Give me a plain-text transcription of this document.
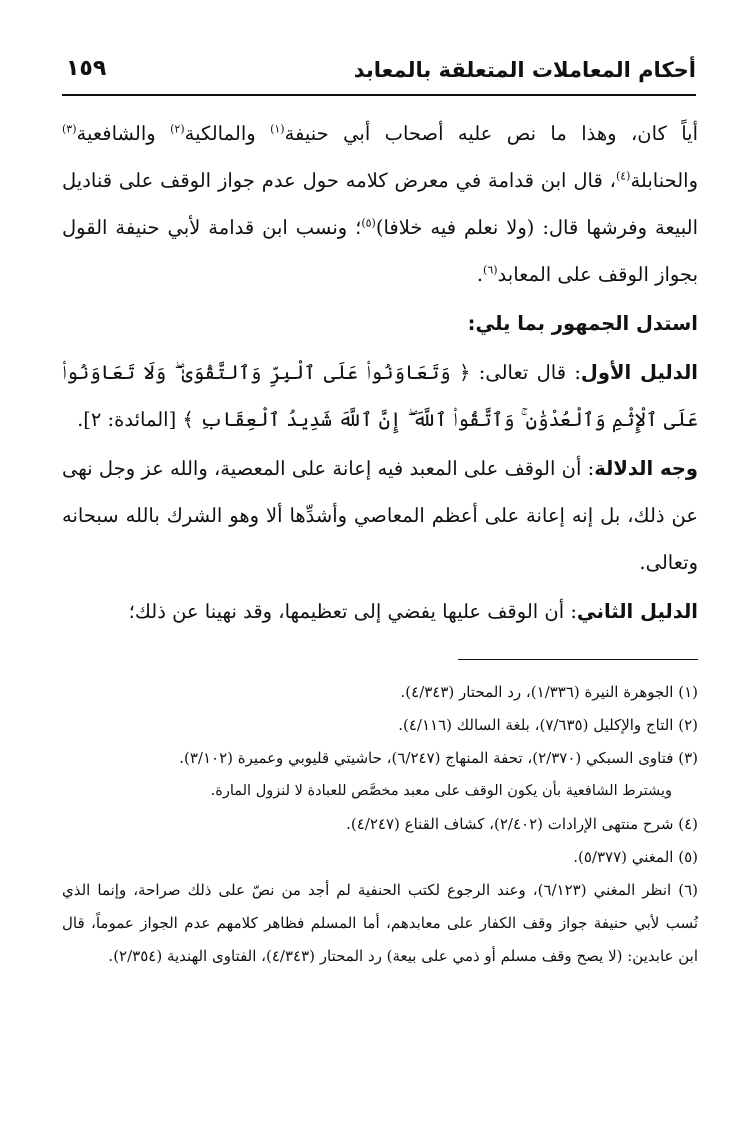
أحكام المعاملات المتعلقة بالمعابد
١٥٩

أياً كان، وهذا ما نص عليه أصحاب أبي حنيفة$^{(١)}$ والمالكية$^{(٢)}$ والشافعية$^{(٣)}$ والحنابلة$^{(٤)}$، قال ابن قدامة في معرض كلامه حول عدم جواز الوقف على قناديل البيعة وفرشها قال: (ولا نعلم فيه خلافا)$^{(٥)}$؛ ونسب ابن قدامة لأبي حنيفة القول بجواز الوقف على المعابد$^{(٦)}$.

استدل الجمهور بما يلي:

الدليل الأول: قال تعالى: ﴿ وَتَعَاوَنُوا۟ عَلَى ٱلْبِرِّ وَٱلتَّقْوَىٰ ۖ وَلَا تَعَاوَنُوا۟ عَلَى ٱلْإِثْمِ وَٱلْعُدْوَٰنِ ۚ وَٱتَّقُوا۟ ٱللَّهَ ۖ إِنَّ ٱللَّهَ شَدِيدُ ٱلْعِقَابِ ﴾ [المائدة: ٢].

وجه الدلالة: أن الوقف على المعبد فيه إعانة على المعصية، والله عز وجل نهى عن ذلك، بل إنه إعانة على أعظم المعاصي وأشدِّها ألا وهو الشرك بالله سبحانه وتعالى.

الدليل الثاني: أن الوقف عليها يفضي إلى تعظيمها، وقد نهينا عن ذلك؛

(١) الجوهرة النيرة (١/٣٣٦)، رد المحتار (٤/٣٤٣).

(٢) التاج والإكليل (٧/٦٣٥)، بلغة السالك (٤/١١٦).

(٣) فتاوى السبكي (٢/٣٧٠)، تحفة المنهاج (٦/٢٤٧)، حاشيتي قليوبي وعميرة (٣/١٠٢).

ويشترط الشافعية بأن يكون الوقف على معبد مخصَّص للعبادة لا لنزول المارة.

(٤) شرح منتهى الإرادات (٢/٤٠٢)، كشاف القناع (٤/٢٤٧).

(٥) المغني (٥/٣٧٧).

(٦) انظر المغني (٦/١٢٣)، وعند الرجوع لكتب الحنفية لم أجد من نصّ على ذلك صراحة، وإنما الذي نُسب لأبي حنيفة جواز وقف الكفار على معابدهم، أما المسلم فظاهر كلامهم عدم الجواز عموماً، قال ابن عابدين: (لا يصح وقف مسلم أو ذمي على بيعة) رد المحتار (٤/٣٤٣)، الفتاوى الهندية (٢/٣٥٤).
